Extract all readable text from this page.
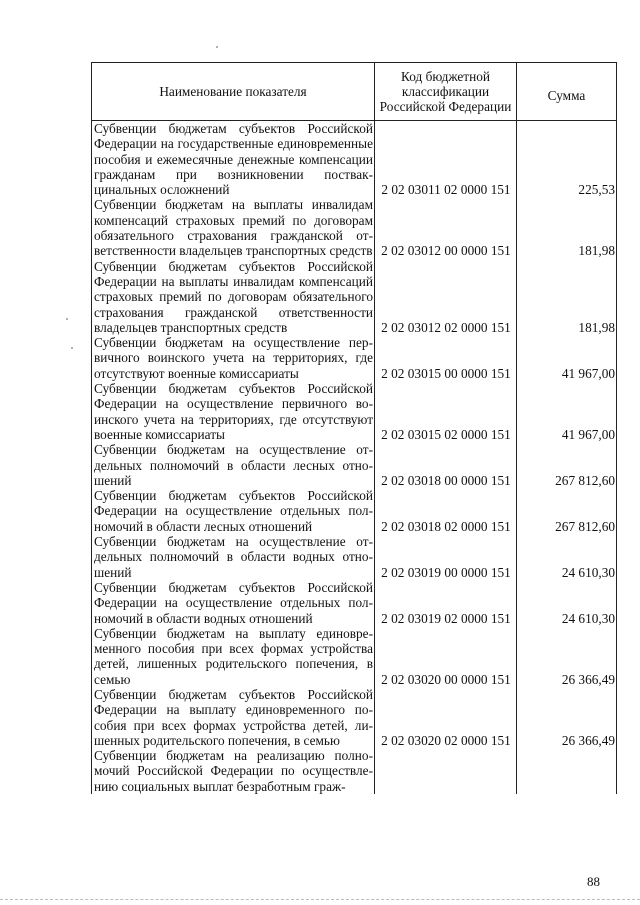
Наименование показателя	Код бюджетной классификации Российской Федерации	Сумма
Субвенции бюджетам субъектов Российской Федерации на государственные единовременные пособия и ежемесячные денежные компенсации гражданам при возникновении поствакцинальных осложнений	2 02 03011 02 0000 151	225,53
Субвенции бюджетам на выплаты инвалидам компенсаций страховых премий по договорам обязательного страхования гражданской ответственности владельцев транспортных средств	2 02 03012 00 0000 151	181,98
Субвенции бюджетам субъектов Российской Федерации на выплаты инвалидам компенсаций страховых премий по договорам обязательного страхования гражданской ответственности владельцев транспортных средств	2 02 03012 02 0000 151	181,98
Субвенции бюджетам на осуществление первичного воинского учета на территориях, где отсутствуют военные комиссариаты	2 02 03015 00 0000 151	41 967,00
Субвенции бюджетам субъектов Российской Федерации на осуществление первичного воинского учета на территориях, где отсутствуют военные комиссариаты	2 02 03015 02 0000 151	41 967,00
Субвенции бюджетам на осуществление отдельных полномочий в области лесных отношений	2 02 03018 00 0000 151	267 812,60
Субвенции бюджетам субъектов Российской Федерации на осуществление отдельных полномочий в области лесных отношений	2 02 03018 02 0000 151	267 812,60
Субвенции бюджетам на осуществление отдельных полномочий в области водных отношений	2 02 03019 00 0000 151	24 610,30
Субвенции бюджетам субъектов Российской Федерации на осуществление отдельных полномочий в области водных отношений	2 02 03019 02 0000 151	24 610,30
Субвенции бюджетам на выплату единовременного пособия при всех формах устройства детей, лишенных родительского попечения, в семью	2 02 03020 00 0000 151	26 366,49
Субвенции бюджетам субъектов Российской Федерации на выплату единовременного пособия при всех формах устройства детей, лишенных родительского попечения, в семью	2 02 03020 02 0000 151	26 366,49
Субвенции бюджетам на реализацию полномочий Российской Федерации по осуществлению социальных выплат безработным граж-		
88
